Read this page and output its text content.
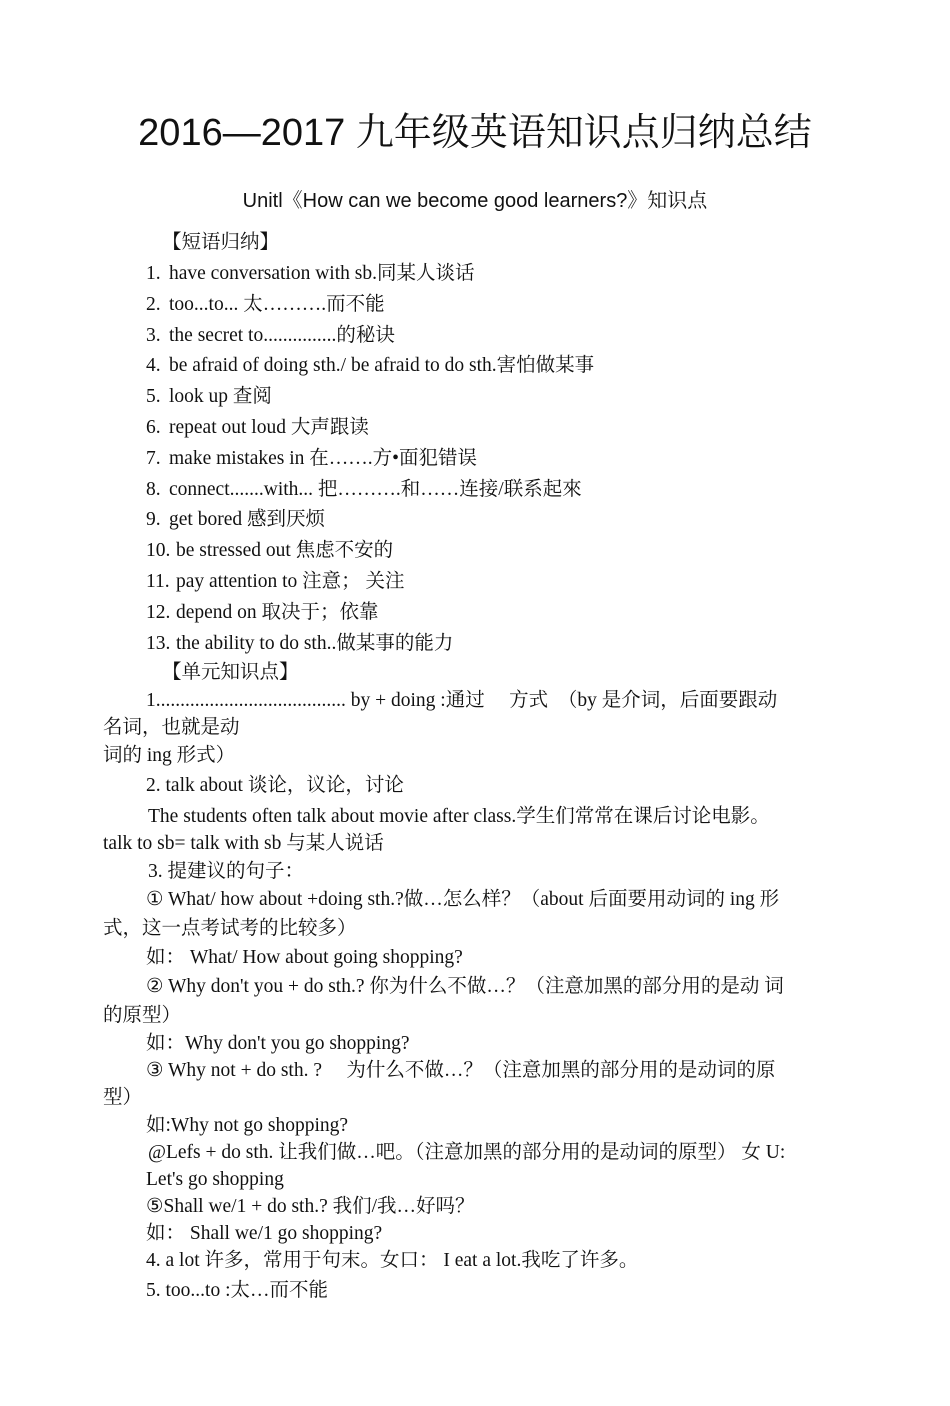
2016—2017 九年级英语知识点归纳总结
Unitl《How can we become good learners?》知识点
【短语归纳】
1. have conversation with sb.同某人谈话
2. too...to... 太……….而不能
3. the secret to...............的秘诀
4. be afraid of doing sth./ be afraid to do sth.害怕做某事
5. look up 查阅
6. repeat out loud 大声跟读
7. make mistakes in 在…….方•面犯错误
8. connect.......with... 把……….和……连接/联系起來
9. get bored 感到厌烦
10. be stressed out 焦虑不安的
11. pay attention to 注意； 关注
12. depend on 取决于；依靠
13. the ability to do sth..做某事的能力
【单元知识点】
1....................................... by + doing :通过　 方式　（by 是介词，后面要跟动
名词，也就是动
词的 ing 形式）
2. talk about 谈论，议论，讨论
The students often talk about movie after class.学生们常常在课后讨论电影。
talk to sb= talk with sb 与某人说话
3. 提建议的句子：
① What/ how about +doing sth.?做…怎么样？（about 后面要用动词的 ing 形
式，这一点考试考的比较多）
如： What/ How about going shopping?
② Why don't you + do sth.? 你为什么不做…？（注意加黑的部分用的是动 词
的原型）
如：Why don't you go shopping?
③ Why not + do sth. ?　 为什么不做…？（注意加黑的部分用的是动词的原
型）
如:Why not go shopping?
@Lefs + do sth. 让我们做…吧。（注意加黑的部分用的是动词的原型） 女 U:
Let's go shopping
⑤Shall we/1 + do sth.? 我们/我…好吗？
如： Shall we/1 go shopping?
4. a lot 许多，常用于句末。女口： I eat a lot.我吃了许多。
5. too...to :太…而不能
